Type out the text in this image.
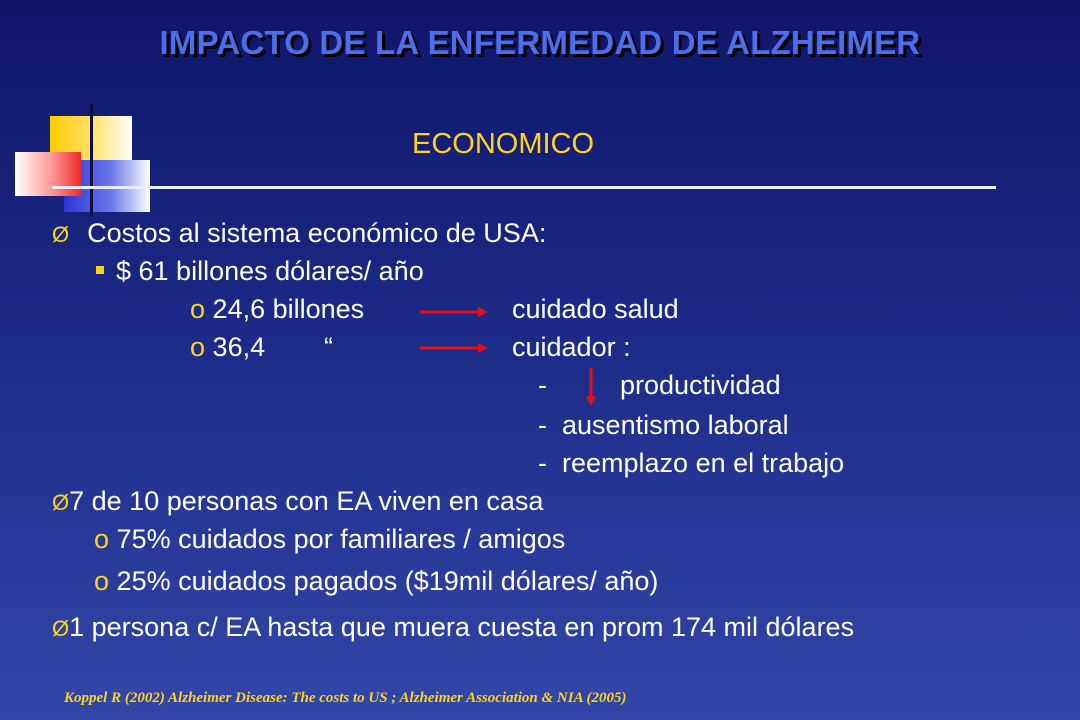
IMPACTO DE LA ENFERMEDAD DE ALZHEIMER
ECONOMICO
Ø Costos al sistema económico de USA:
$ 61 billones dólares/ año
o 24,6 billones	cuidado salud
o 36,4 “	cuidador :
-	productividad
- ausentismo laboral
- reemplazo en el trabajo
Ø7 de 10 personas con EA viven en casa
o 75% cuidados por familiares / amigos
o 25% cuidados pagados ($19mil dólares/ año)
Ø1 persona c/ EA hasta que muera cuesta en prom 174 mil dólares
Koppel R (2002) Alzheimer Disease: The costs to US ; Alzheimer Association & NIA (2005)
